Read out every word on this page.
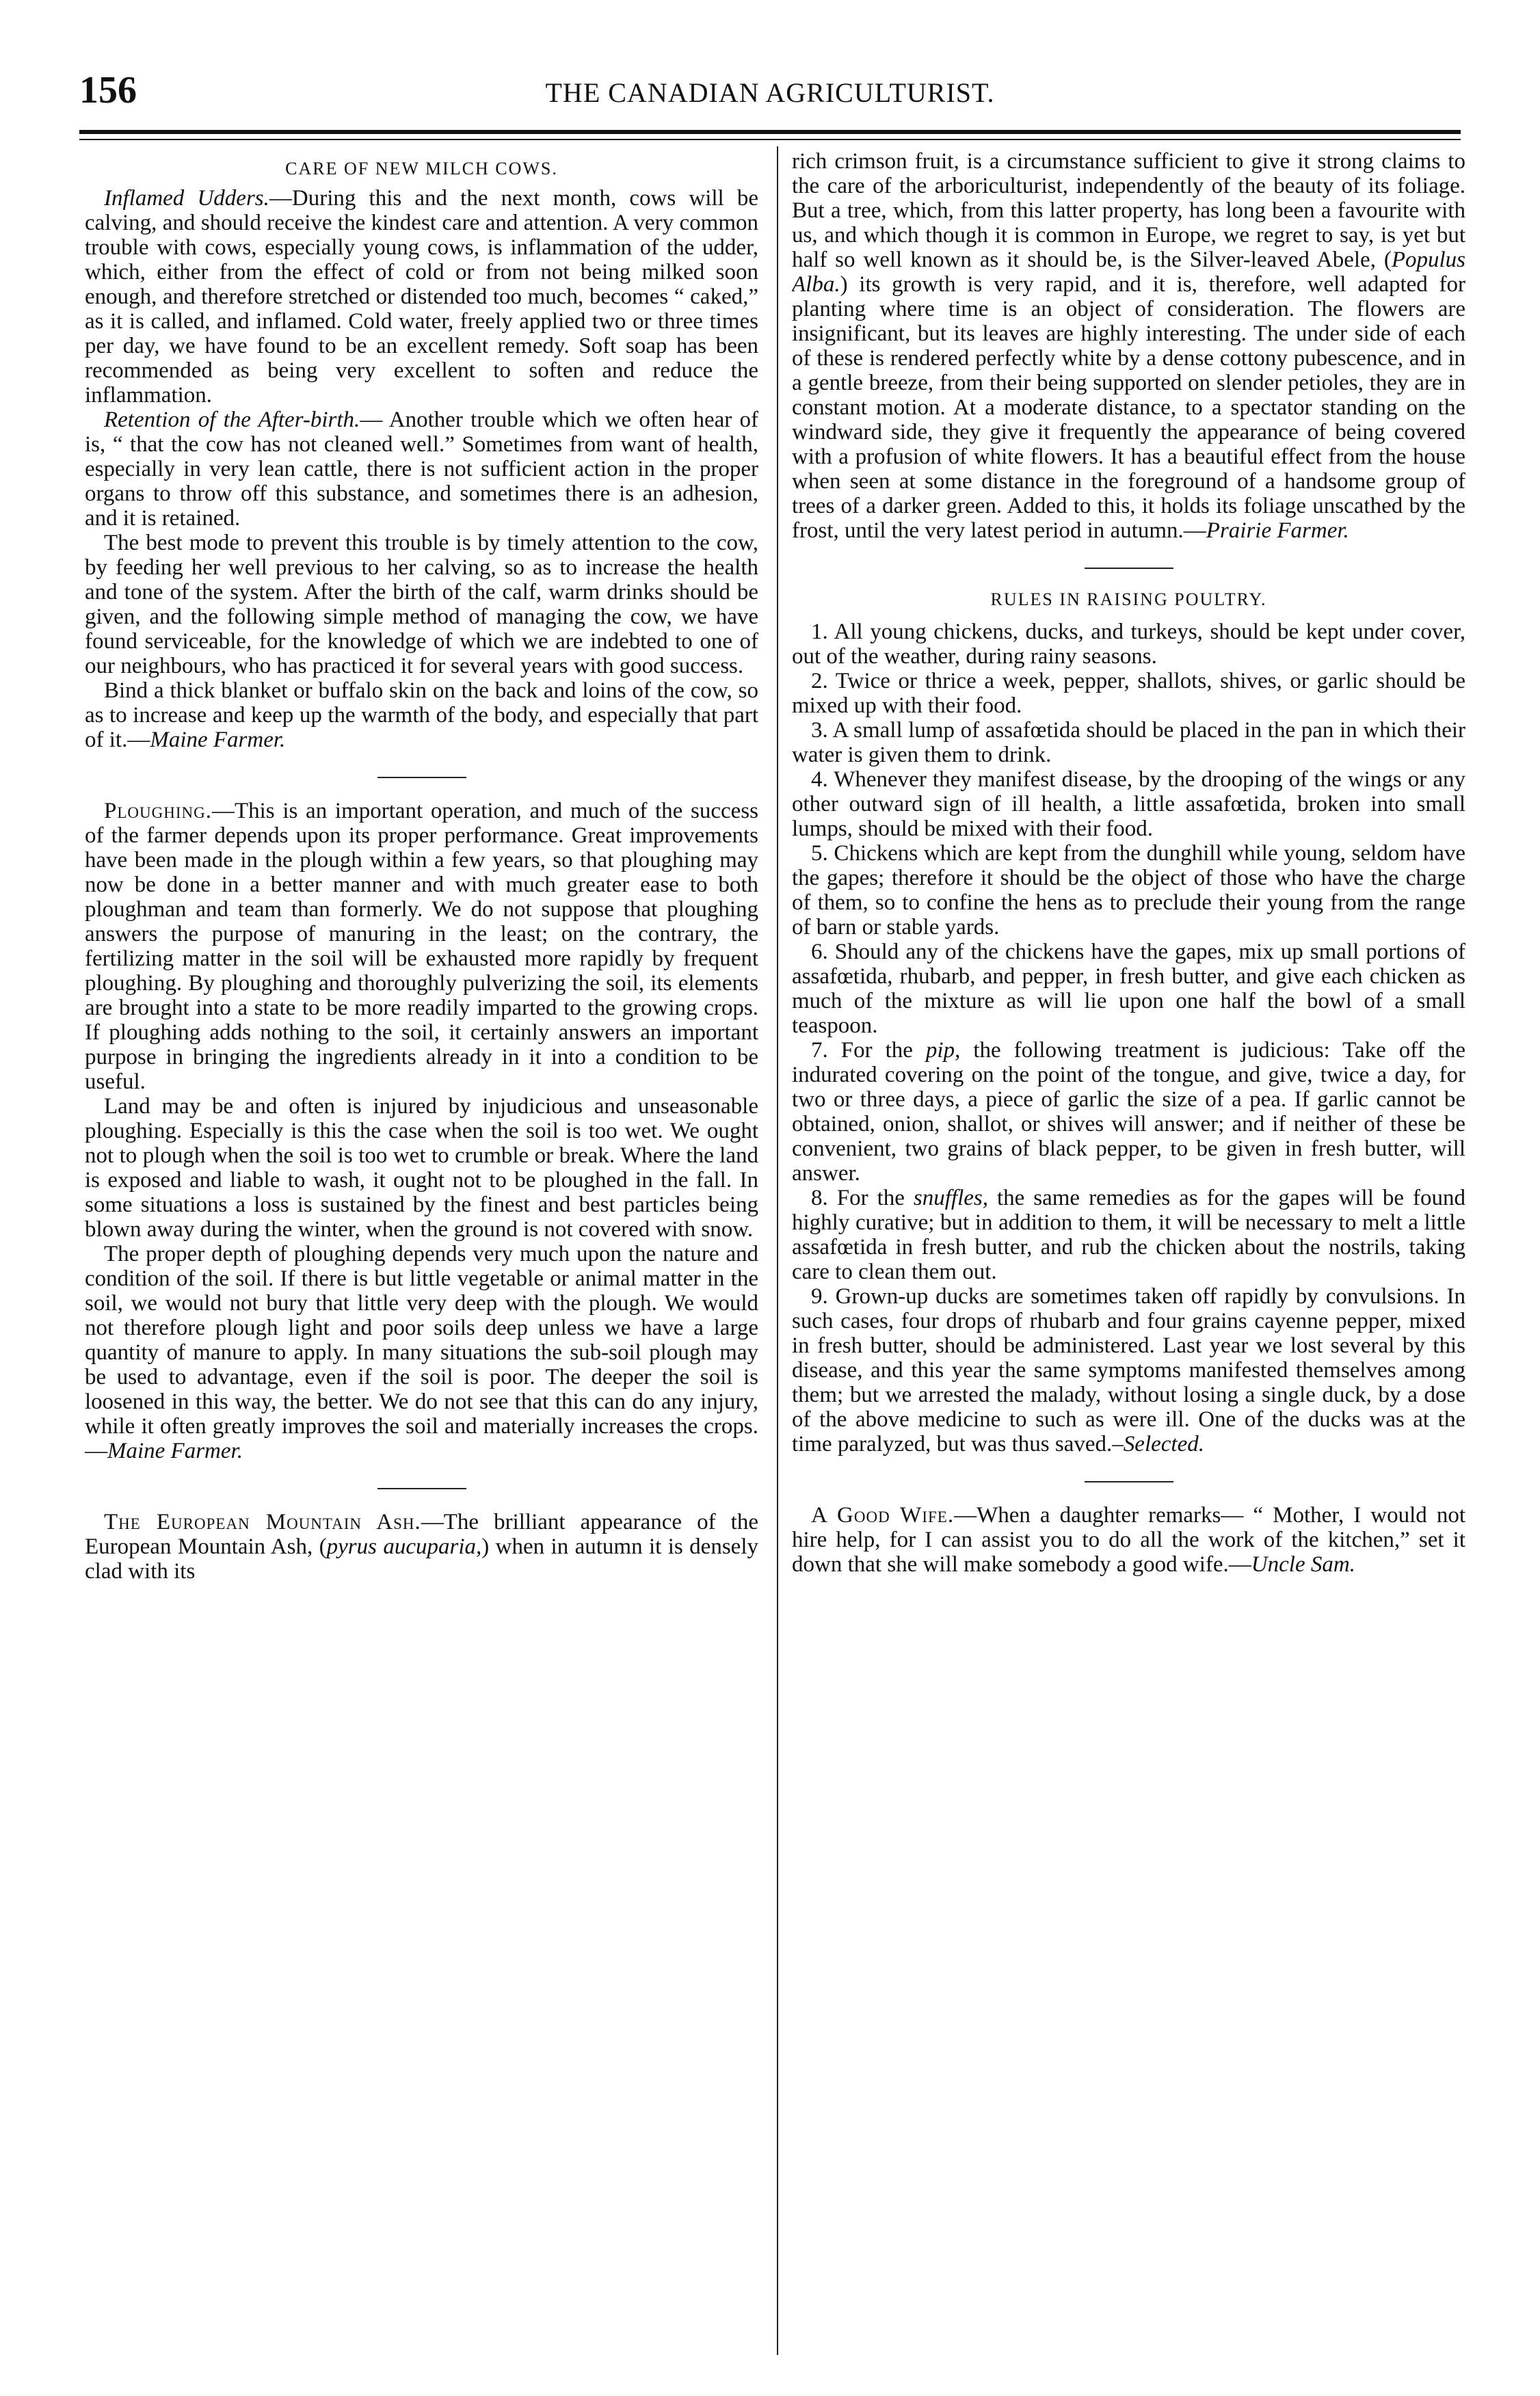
156	THE CANADIAN AGRICULTURIST.
CARE OF NEW MILCH COWS.

Inflamed Udders.—During this and the next month, cows will be calving, and should receive the kindest care and attention. A very common trouble with cows, especially young cows, is inflammation of the udder, which, either from the effect of cold or from not being milked soon enough, and therefore stretched or distended too much, becomes “ caked,” as it is called, and inflamed. Cold water, freely applied two or three times per day, we have found to be an excellent remedy. Soft soap has been recommended as being very excellent to soften and reduce the inflammation.

Retention of the After-birth.— Another trouble which we often hear of is, “ that the cow has not cleaned well.” Sometimes from want of health, especially in very lean cattle, there is not sufficient action in the proper organs to throw off this substance, and sometimes there is an adhesion, and it is retained.

The best mode to prevent this trouble is by timely attention to the cow, by feeding her well previous to her calving, so as to increase the health and tone of the system. After the birth of the calf, warm drinks should be given, and the following simple method of managing the cow, we have found serviceable, for the knowledge of which we are indebted to one of our neighbours, who has practiced it for several years with good success.

Bind a thick blanket or buffalo skin on the back and loins of the cow, so as to increase and keep up the warmth of the body, and especially that part of it.—Maine Farmer.

Ploughing.—This is an important operation, and much of the success of the farmer depends upon its proper performance. Great improvements have been made in the plough within a few years, so that ploughing may now be done in a better manner and with much greater ease to both ploughman and team than formerly. We do not suppose that ploughing answers the purpose of manuring in the least; on the contrary, the fertilizing matter in the soil will be exhausted more rapidly by frequent ploughing. By ploughing and thoroughly pulverizing the soil, its elements are brought into a state to be more readily imparted to the growing crops. If ploughing adds nothing to the soil, it certainly answers an important purpose in bringing the ingredients already in it into a condition to be useful.

Land may be and often is injured by injudicious and unseasonable ploughing. Especially is this the case when the soil is too wet. We ought not to plough when the soil is too wet to crumble or break. Where the land is exposed and liable to wash, it ought not to be ploughed in the fall. In some situations a loss is sustained by the finest and best particles being blown away during the winter, when the ground is not covered with snow.

The proper depth of ploughing depends very much upon the nature and condition of the soil. If there is but little vegetable or animal matter in the soil, we would not bury that little very deep with the plough. We would not therefore plough light and poor soils deep unless we have a large quantity of manure to apply. In many situations the sub-soil plough may be used to advantage, even if the soil is poor. The deeper the soil is loosened in this way, the better. We do not see that this can do any injury, while it often greatly improves the soil and materially increases the crops.—Maine Farmer.

The European Mountain Ash.—The brilliant appearance of the European Mountain Ash, (pyrus aucuparia,) when in autumn it is densely clad with its

rich crimson fruit, is a circumstance sufficient to give it strong claims to the care of the arboriculturist, independently of the beauty of its foliage. But a tree, which, from this latter property, has long been a favourite with us, and which though it is common in Europe, we regret to say, is yet but half so well known as it should be, is the Silver-leaved Abele, (Populus Alba.) its growth is very rapid, and it is, therefore, well adapted for planting where time is an object of consideration. The flowers are insignificant, but its leaves are highly interesting. The under side of each of these is rendered perfectly white by a dense cottony pubescence, and in a gentle breeze, from their being supported on slender petioles, they are in constant motion. At a moderate distance, to a spectator standing on the windward side, they give it frequently the appearance of being covered with a profusion of white flowers. It has a beautiful effect from the house when seen at some distance in the foreground of a handsome group of trees of a darker green. Added to this, it holds its foliage unscathed by the frost, until the very latest period in autumn.—Prairie Farmer.

RULES IN RAISING POULTRY.

1. All young chickens, ducks, and turkeys, should be kept under cover, out of the weather, during rainy seasons.

2. Twice or thrice a week, pepper, shallots, shives, or garlic should be mixed up with their food.

3. A small lump of assafœtida should be placed in the pan in which their water is given them to drink.

4. Whenever they manifest disease, by the drooping of the wings or any other outward sign of ill health, a little assafœtida, broken into small lumps, should be mixed with their food.

5. Chickens which are kept from the dunghill while young, seldom have the gapes; therefore it should be the object of those who have the charge of them, so to confine the hens as to preclude their young from the range of barn or stable yards.

6. Should any of the chickens have the gapes, mix up small portions of assafœtida, rhubarb, and pepper, in fresh butter, and give each chicken as much of the mixture as will lie upon one half the bowl of a small teaspoon.

7. For the pip, the following treatment is judicious: Take off the indurated covering on the point of the tongue, and give, twice a day, for two or three days, a piece of garlic the size of a pea. If garlic cannot be obtained, onion, shallot, or shives will answer; and if neither of these be convenient, two grains of black pepper, to be given in fresh butter, will answer.

8. For the snuffles, the same remedies as for the gapes will be found highly curative; but in addition to them, it will be necessary to melt a little assafœtida in fresh butter, and rub the chicken about the nostrils, taking care to clean them out.

9. Grown-up ducks are sometimes taken off rapidly by convulsions. In such cases, four drops of rhubarb and four grains cayenne pepper, mixed in fresh butter, should be administered. Last year we lost several by this disease, and this year the same symptoms manifested themselves among them; but we arrested the malady, without losing a single duck, by a dose of the above medicine to such as were ill. One of the ducks was at the time paralyzed, but was thus saved.–Selected.

A Good Wife.—When a daughter remarks— “ Mother, I would not hire help, for I can assist you to do all the work of the kitchen,” set it down that she will make somebody a good wife.—Uncle Sam.
